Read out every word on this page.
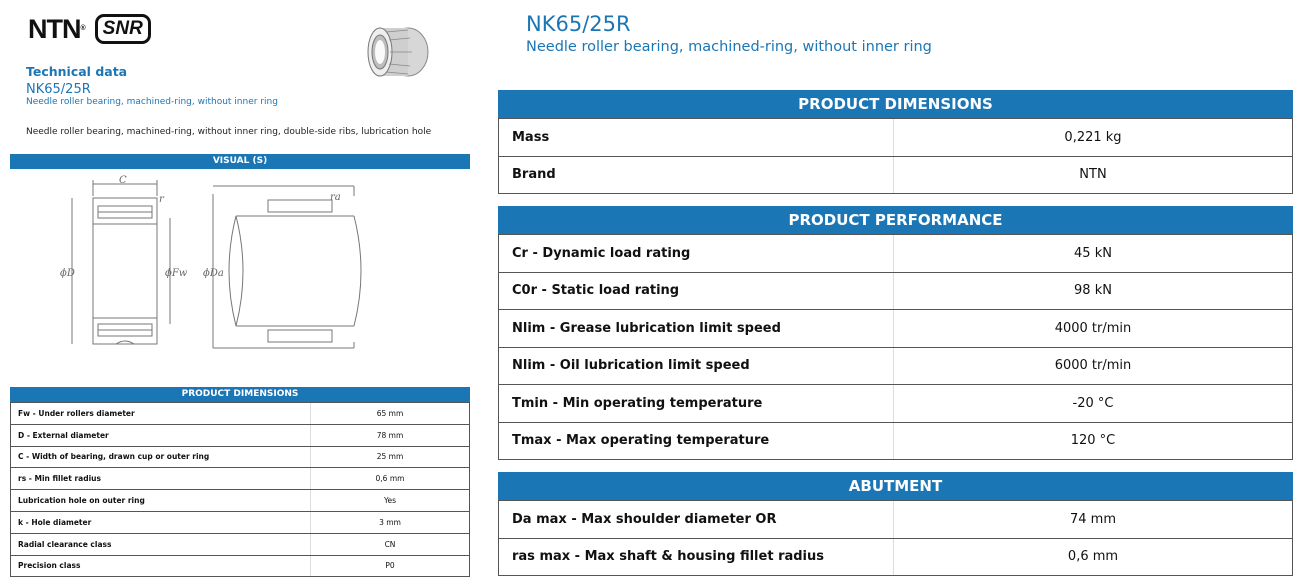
NTN® SNR
Technical data
NK65/25R
Needle roller bearing, machined-ring, without inner ring
Needle roller bearing, machined-ring, without inner ring, double-side ribs, lubrication hole
VISUAL (S)
C
r
ϕD	ϕFw
ra
ϕDa
PRODUCT DIMENSIONS
Fw - Under rollers diameter	65 mm
D - External diameter	78 mm
C - Width of bearing, drawn cup or outer ring	25 mm
rs - Min fillet radius	0,6 mm
Lubrication hole on outer ring	Yes
k - Hole diameter	3 mm
Radial clearance class	CN
Precision class	P0
NK65/25R
Needle roller bearing, machined-ring, without inner ring
PRODUCT DIMENSIONS
Mass	0,221 kg
Brand	NTN
PRODUCT PERFORMANCE
Cr - Dynamic load rating	45 kN
C0r - Static load rating	98 kN
Nlim - Grease lubrication limit speed	4000 tr/min
Nlim - Oil lubrication limit speed	6000 tr/min
Tmin - Min operating temperature	-20 °C
Tmax - Max operating temperature	120 °C
ABUTMENT
Da max - Max shoulder diameter OR	74 mm
ras max - Max shaft & housing fillet radius	0,6 mm
